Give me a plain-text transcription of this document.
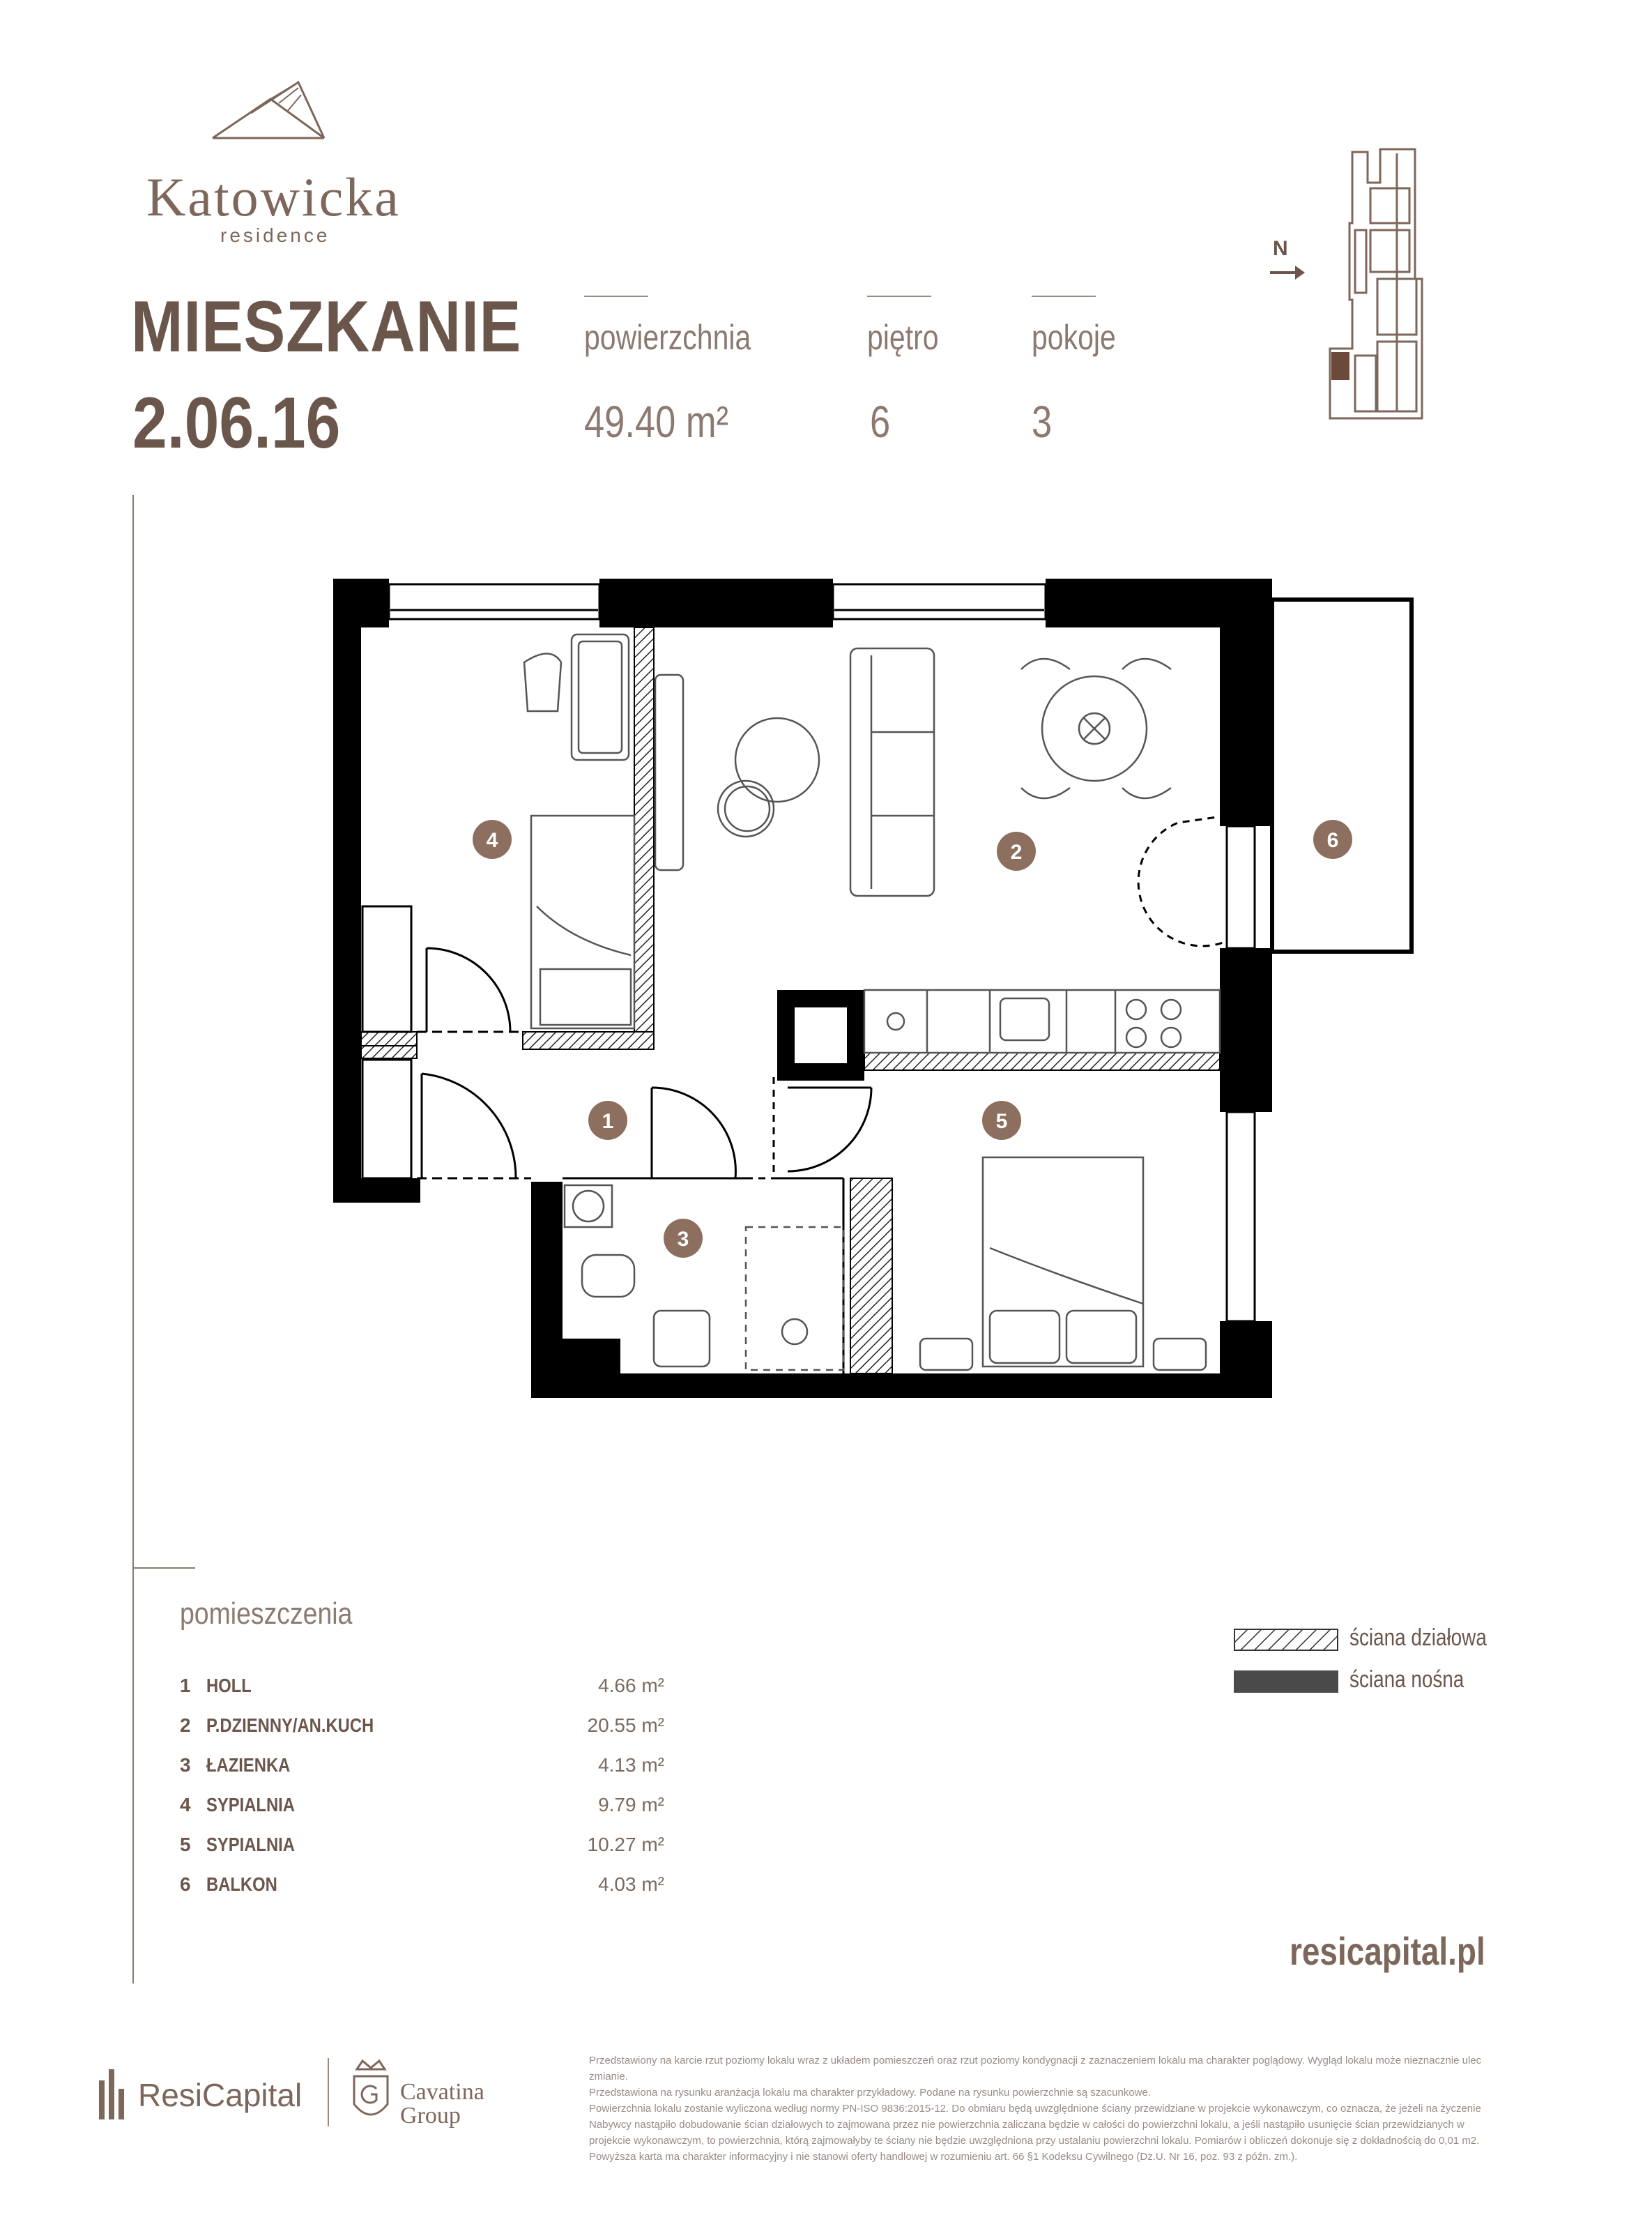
Katowicka
residence
MIESZKANIE
2.06.16
powierzchnia
49.40 m²
piętro
6
pokoje
3
N
1
2
3
4
5
6
pomieszczenia
1 HOLL	4.66 m²
2 P.DZIENNY/AN.KUCH	20.55 m²
3 ŁAZIENKA	4.13 m²
4 SYPIALNIA	9.79 m²
5 SYPIALNIA	10.27 m²
6 BALKON	4.03 m²
ściana działowa
ściana nośna
resicapital.pl
ResiCapital	Cavatina
Group

Przedstawiony na karcie rzut poziomy lokalu wraz z układem pomieszczeń oraz rzut poziomy kondygnacji z zaznaczeniem lokalu ma charakter poglądowy. Wygląd lokalu może nieznacznie ulec zmianie.

Przedstawiona na rysunku aranżacja lokalu ma charakter przykładowy. Podane na rysunku powierzchnie są szacunkowe.

Powierzchnia lokalu zostanie wyliczona według normy PN-ISO 9836:2015-12. Do obmiaru będą uwzględnione ściany przewidziane w projekcie wykonawczym, co oznacza, że jeżeli na życzenie Nabywcy nastąpiło dobudowanie ścian działowych to zajmowana przez nie powierzchnia zaliczana będzie w całości do powierzchni lokalu, a jeśli nastąpiło usunięcie ścian przewidzianych w projekcie wykonawczym, to powierzchnia, którą zajmowałyby te ściany nie będzie uwzględniona przy ustalaniu powierzchni lokalu. Pomiarów i obliczeń dokonuje się z dokładnością do 0,01 m2.

Powyższa karta ma charakter informacyjny i nie stanowi oferty handlowej w rozumieniu art. 66 §1 Kodeksu Cywilnego (Dz.U. Nr 16, poz. 93 z późn. zm.).
